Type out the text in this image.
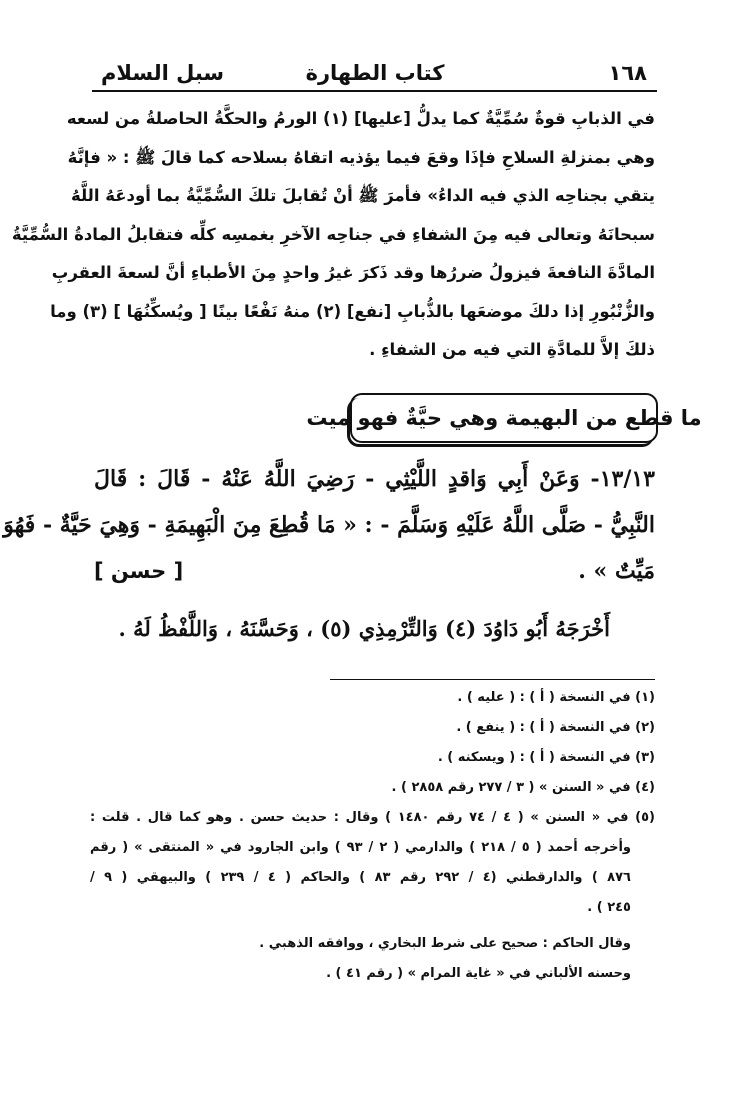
١٦٨
كتاب الطهارة
سبل السلام
في الذبابِ قوةٌ سُمِّيَّةٌ كما يدلُّ [عليها] (١) الورمُ والحكَّةُ الحاصلةُ من لسعه
وهي بمنزلةِ السلاحِ فإذَا وقعَ فيما يؤذيه اتقاهُ بسلاحه كما قالَ ﷺ : « فإنَّهُ
يتقي بجناحِه الذي فيه الداءُ» فأمرَ ﷺ أنْ تُقابلَ تلكَ السُّمِّيَّةُ بما أودعَهُ اللَّهُ
سبحانَهُ وتعالى فيه مِنَ الشفاءِ في جناحِه الآخرِ بغمسِه كلِّه فتقابلُ المادةُ السُّمِّيَّةُ
المادَّةَ النافعةَ فيزولُ ضررُها وقد ذَكرَ غيرُ واحدٍ مِنَ الأطباءِ أنَّ لسعةَ العقربِ
والزُّنْبُورِ إذا دلكَ موضعَها بالذُّبابِ [نفع] (٢) منهُ نَفْعًا بينًا [ ويُسكِّنُهَا ] (٣) وما
ذلكَ إلاَّ للمادَّةِ التي فيه من الشفاءِ .
ما قطع من البهيمة وهي حيَّةٌ فهو ميت
١٣/١٣- وَعَنْ أَبِي وَاقدٍ اللَّيْثِي - رَضِيَ اللَّهُ عَنْهُ - قَالَ : قَالَ
النَّبِيُّ - صَلَّى اللَّهُ عَلَيْهِ وَسَلَّمَ - : « مَا قُطِعَ مِنَ الْبَهِيمَةِ - وَهِيَ حَيَّةٌ - فَهُوَ
مَيِّتٌ » .
[ حسن ]
أَخْرَجَهُ أَبُو دَاوُدَ (٤) وَالتِّرْمِذِي (٥) ، وَحَسَّنَهُ ، وَاللَّفْظُ لَهُ .
(١) في النسخة ( أ ) : ( عليه ) .
(٢) في النسخة ( أ ) : ( ينفع ) .
(٣) في النسخة ( أ ) : ( ويسكنه ) .
(٤) في « السنن » ( ٣ / ٢٧٧ رقم ٢٨٥٨ ) .
(٥) في « السنن » ( ٤ / ٧٤ رقم ١٤٨٠ ) وقال : حديث حسن . وهو كما قال . قلت :
وأخرجه أحمد ( ٥ / ٢١٨ ) والدارمي ( ٢ / ٩٣ ) وابن الجارود في « المنتقى » ( رقم
٨٧٦ ) والدارقطني (٤ / ٢٩٢ رقم ٨٣ ) والحاكم ( ٤ / ٢٣٩ ) والبيهقي ( ٩ /
٢٤٥ ) .
وقال الحاكم : صحيح على شرط البخاري ، ووافقه الذهبي .
وحسنه الألباني في « غاية المرام » ( رقم ٤١ ) .
